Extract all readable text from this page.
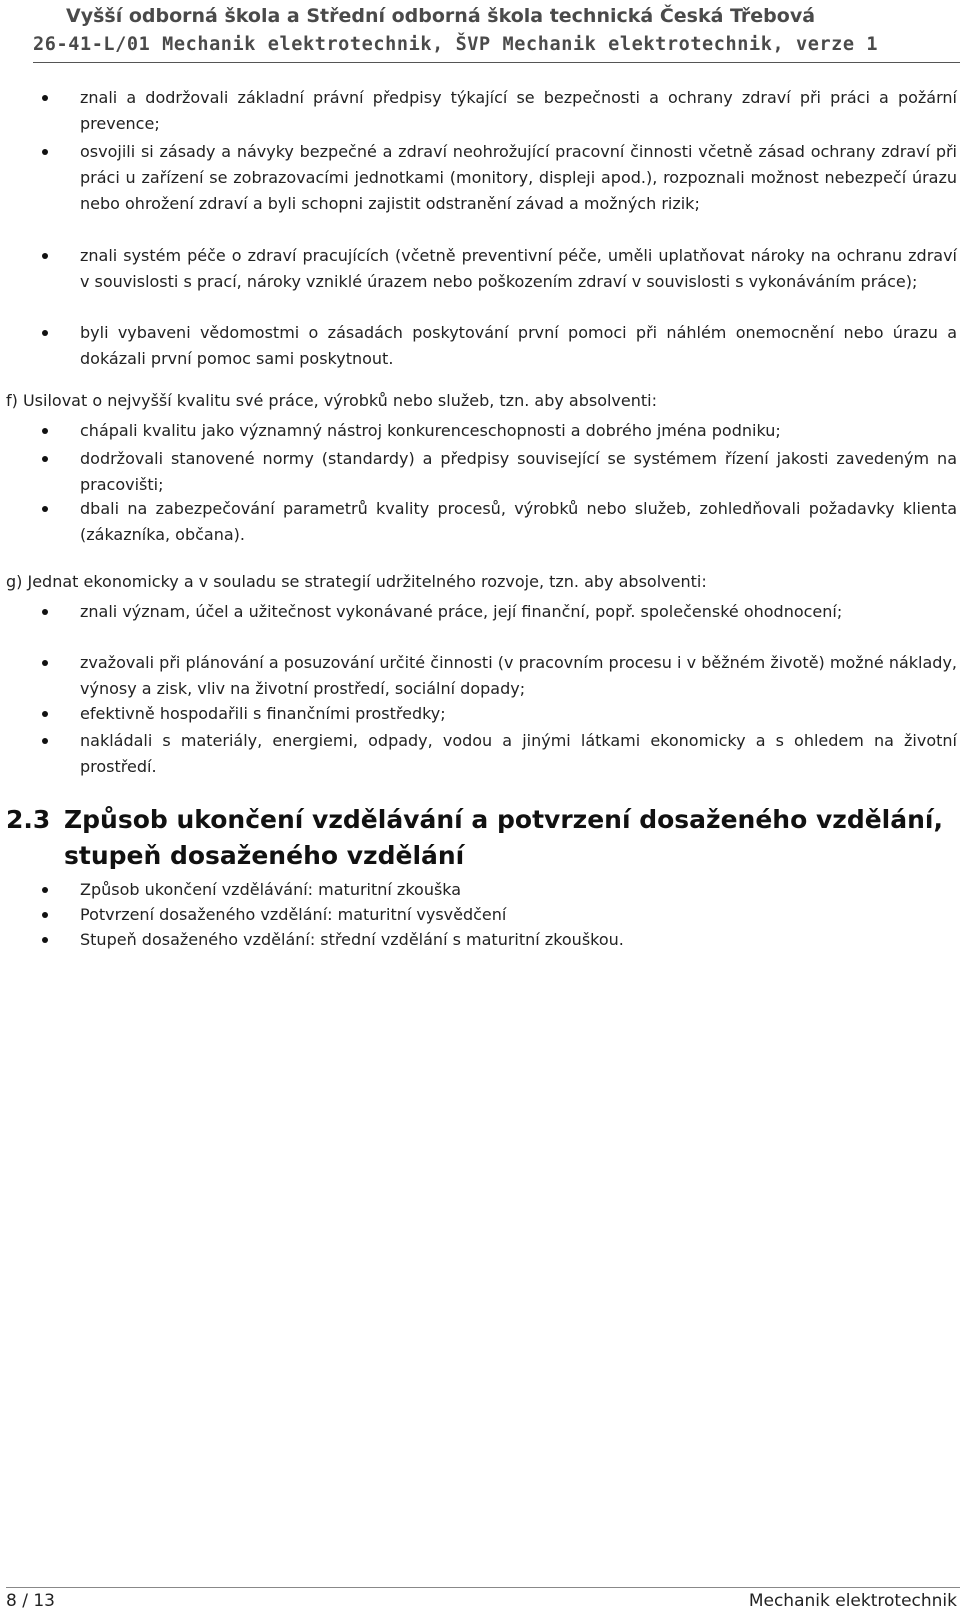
Vyšší odborná škola a Střední odborná škola technická Česká Třebová
26-41-L/01 Mechanik elektrotechnik, ŠVP Mechanik elektrotechnik, verze 1
znali a dodržovali základní právní předpisy týkající se bezpečnosti a ochrany zdraví při práci a požární prevence;
osvojili si zásady a návyky bezpečné a zdraví neohrožující pracovní činnosti včetně zásad ochrany zdraví při práci u zařízení se zobrazovacími jednotkami (monitory, displeji apod.), rozpoznali možnost nebezpečí úrazu nebo ohrožení zdraví a byli schopni zajistit odstranění závad a možných rizik;
znali systém péče o zdraví pracujících (včetně preventivní péče, uměli uplatňovat nároky na ochranu zdraví v souvislosti s prací, nároky vzniklé úrazem nebo poškozením zdraví v souvislosti s vykonáváním práce);
byli vybaveni vědomostmi o zásadách poskytování první pomoci při náhlém onemocnění nebo úrazu a dokázali první pomoc sami poskytnout.
f) Usilovat o nejvyšší kvalitu své práce, výrobků nebo služeb, tzn. aby absolventi:
chápali kvalitu jako významný nástroj konkurenceschopnosti a dobrého jména podniku;
dodržovali stanovené normy (standardy) a předpisy související se systémem řízení jakosti zavedeným na pracovišti;
dbali na zabezpečování parametrů kvality procesů, výrobků nebo služeb, zohledňovali požadavky klienta (zákazníka, občana).
g) Jednat ekonomicky a v souladu se strategií udržitelného rozvoje, tzn. aby absolventi:
znali význam, účel a užitečnost vykonávané práce, její finanční, popř. společenské ohodnocení;
zvažovali při plánování a posuzování určité činnosti (v pracovním procesu i v běžném životě) možné náklady, výnosy a zisk, vliv na životní prostředí, sociální dopady;
efektivně hospodařili s finančními prostředky;
nakládali s materiály, energiemi, odpady, vodou a jinými látkami ekonomicky a s ohledem na životní prostředí.
2.3 Způsob ukončení vzdělávání a potvrzení dosaženého vzdělání,
stupeň dosaženého vzdělání
Způsob ukončení vzdělávání: maturitní zkouška
Potvrzení dosaženého vzdělání: maturitní vysvědčení
Stupeň dosaženého vzdělání: střední vzdělání s maturitní zkouškou.
8 / 13	Mechanik elektrotechnik
